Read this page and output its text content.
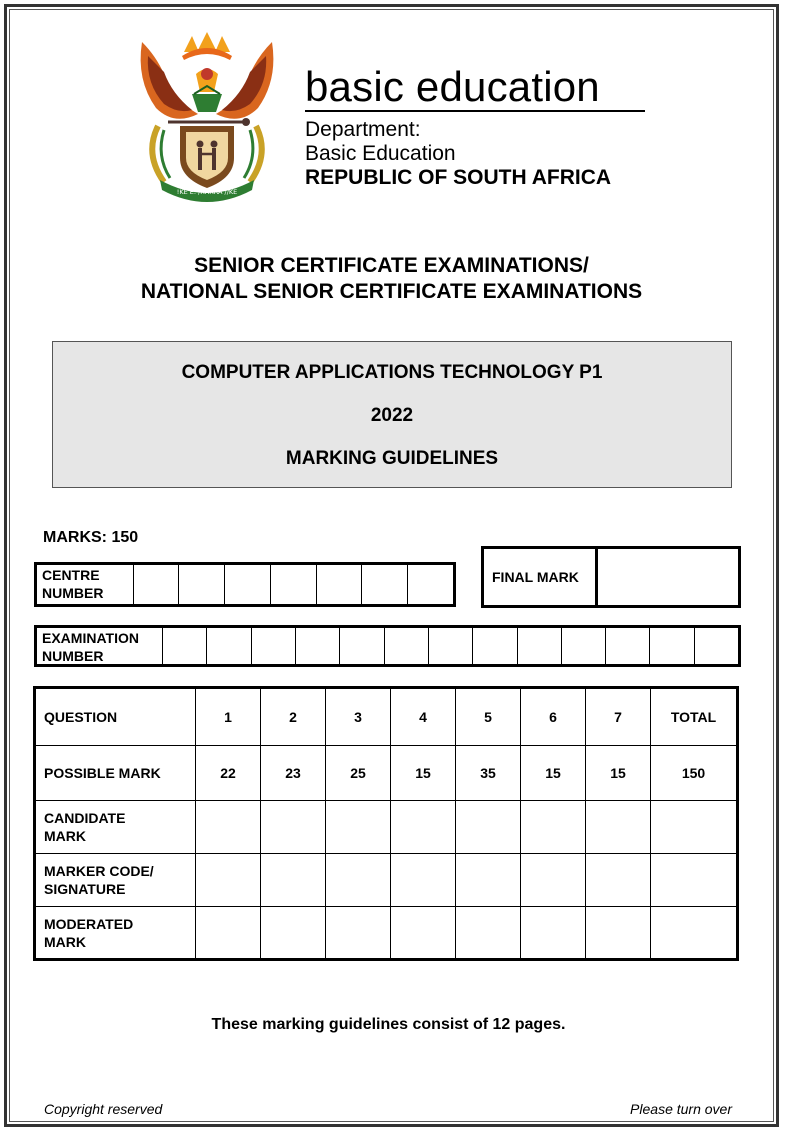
!KE E: /XARRA //KE
basic education
Department:
Basic Education
REPUBLIC OF SOUTH AFRICA
SENIOR CERTIFICATE EXAMINATIONS/
NATIONAL SENIOR CERTIFICATE EXAMINATIONS
COMPUTER APPLICATIONS TECHNOLOGY P1
2022
MARKING GUIDELINES
MARKS: 150
CENTRE
NUMBER
FINAL MARK
EXAMINATION
NUMBER
QUESTION	1	2	3	4	5	6	7	TOTAL
POSSIBLE MARK	22	23	25	15	35	15	15	150

CANDIDATE
MARK								

MARKER CODE/
SIGNATURE								

MODERATED
MARK								

These marking guidelines consist of 12 pages.
Copyright reserved	Please turn over
